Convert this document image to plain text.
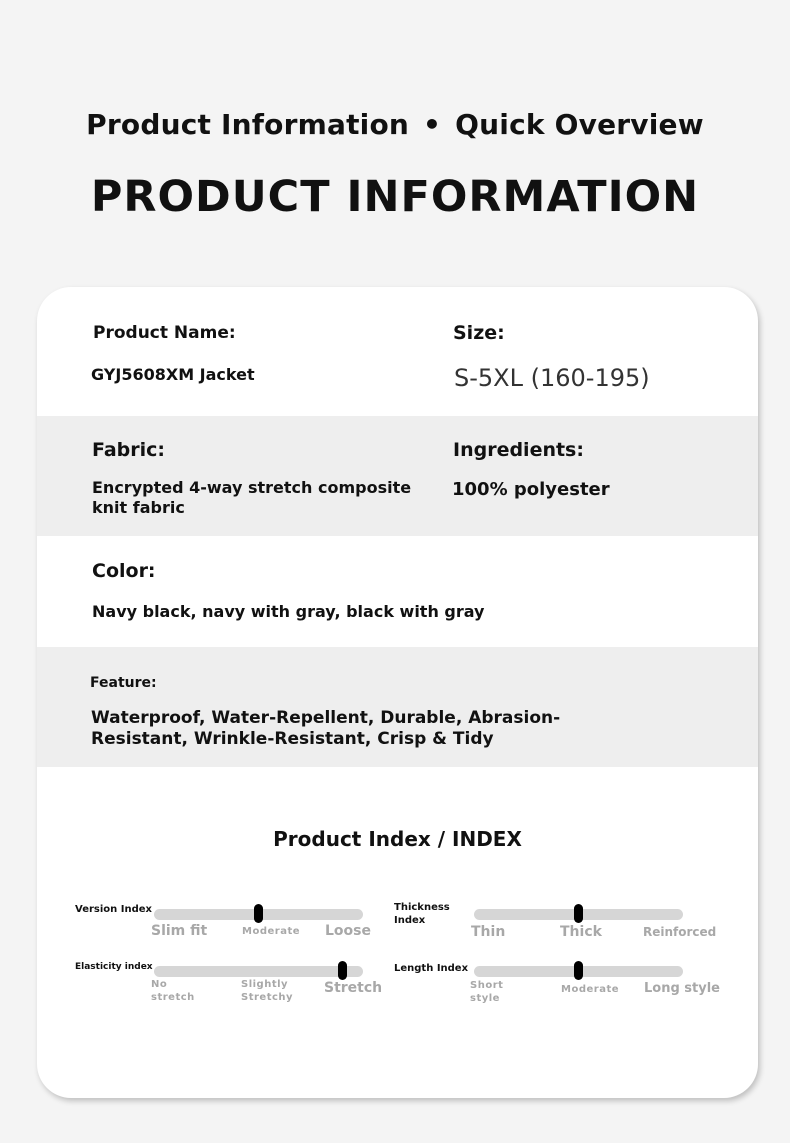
Product Information • Quick Overview
PRODUCT INFORMATION
Product Name:
GYJ5608XM Jacket
Size:
S-5XL (160-195)
Fabric:
Encrypted 4-way stretch composite
knit fabric
Ingredients:
100% polyester
Color:
Navy black, navy with gray, black with gray
Feature:
Waterproof, Water-Repellent, Durable, Abrasion-
Resistant, Wrinkle-Resistant, Crisp & Tidy
Product Index / INDEX
Version Index
Slim fit	Moderate Loose
Thickness
Index
Thin	Thick	Reinforced
Elasticity index
No
stretch
Slightly
Stretchy
Stretch
Length Index
Short
style
Moderate Long style
